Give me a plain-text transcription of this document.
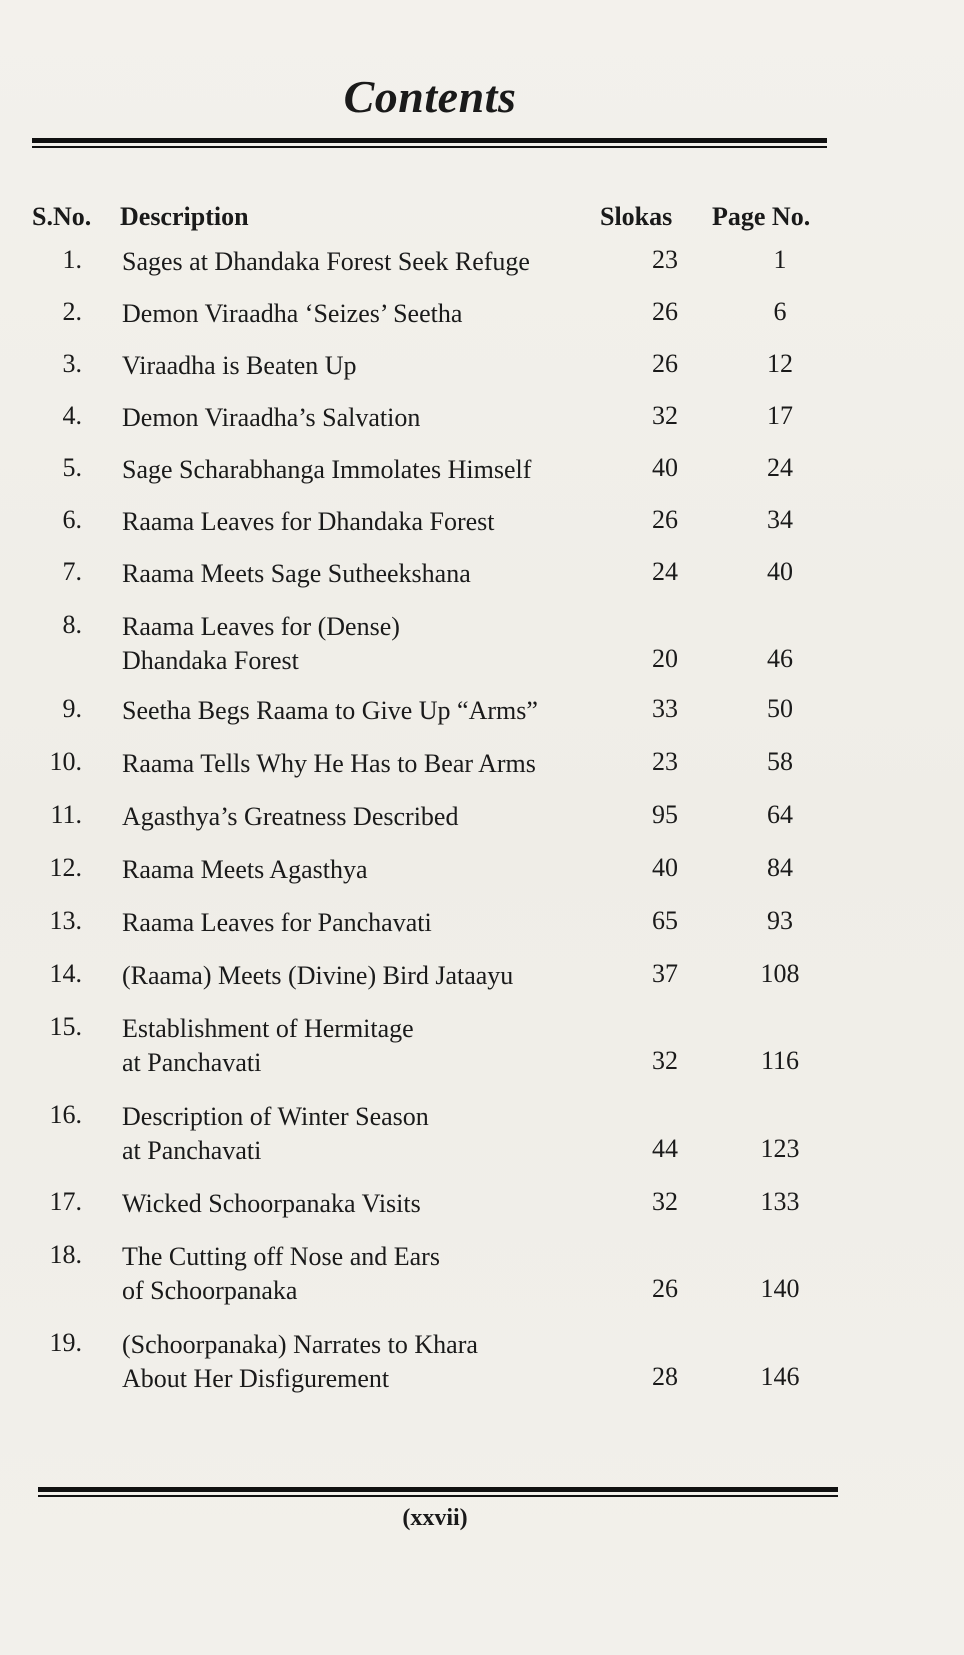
Contents
S.No. Description	Slokas Page No.
1. Sages at Dhandaka Forest Seek Refuge	23	1
2. Demon Viraadha ‘Seizes’ Seetha	26	6
3. Viraadha is Beaten Up	26	12
4. Demon Viraadha’s Salvation	32	17
5. Sage Scharabhanga Immolates Himself	40	24
6. Raama Leaves for Dhandaka Forest	26	34
7. Raama Meets Sage Sutheekshana	24	40
8. Raama Leaves for (Dense)
Dhandaka Forest	20	46
9. Seetha Begs Raama to Give Up “Arms”	33	50
10. Raama Tells Why He Has to Bear Arms	23	58
11. Agasthya’s Greatness Described	95	64
12. Raama Meets Agasthya	40	84
13. Raama Leaves for Panchavati	65	93
14. (Raama) Meets (Divine) Bird Jataayu	37	108
15. Establishment of Hermitage
at Panchavati	32	116
16. Description of Winter Season
at Panchavati	44	123
17. Wicked Schoorpanaka Visits	32	133
18. The Cutting off Nose and Ears
of Schoorpanaka	26	140
19. (Schoorpanaka) Narrates to Khara
About Her Disfigurement	28	146
(xxvii)
